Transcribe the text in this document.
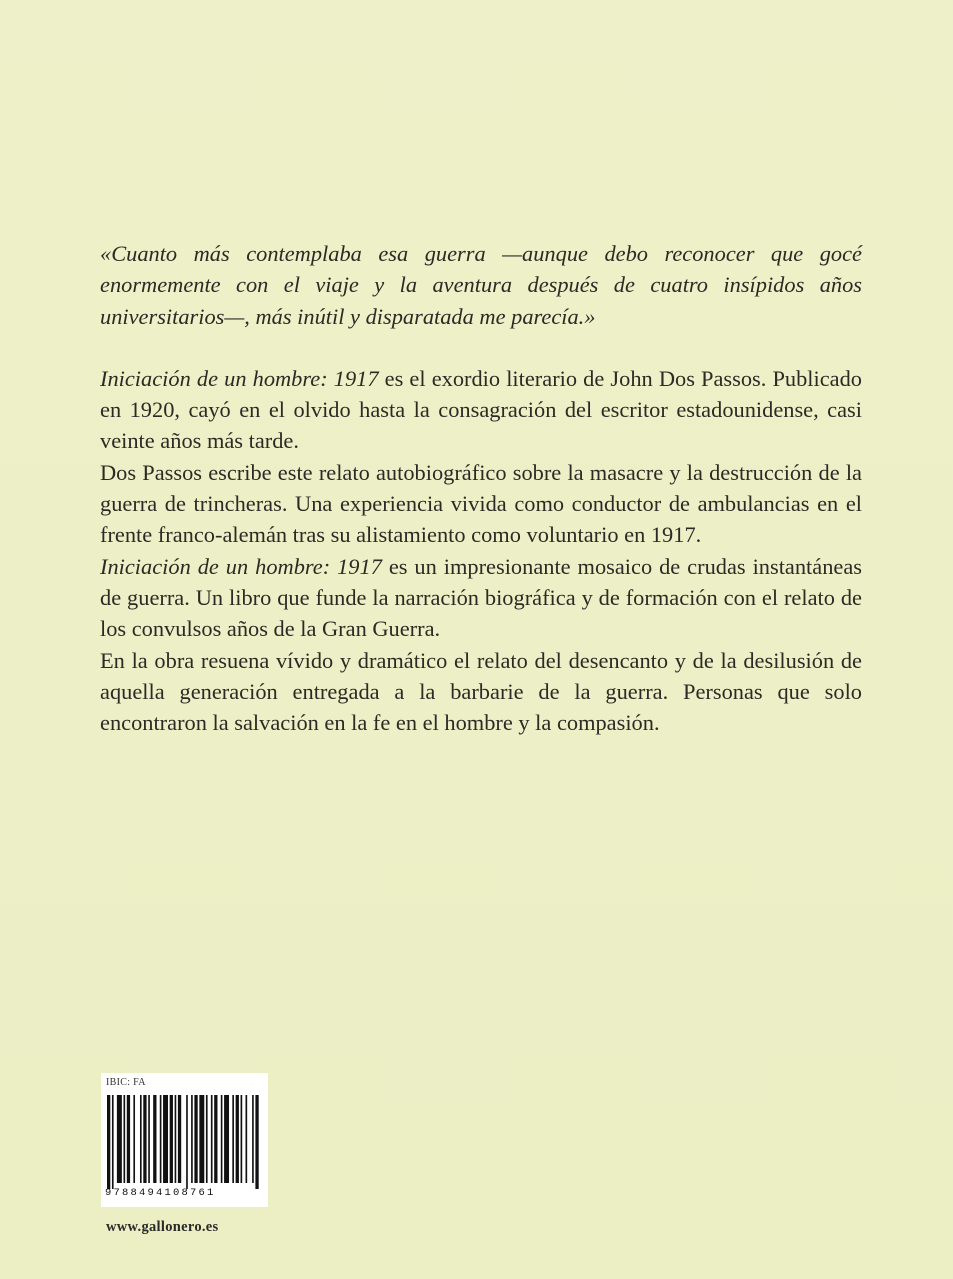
«Cuanto más contemplaba esa guerra —aunque debo reconocer que gocé enormemente con el viaje y la aventura después de cuatro insípidos años universitarios—, más inútil y disparatada me parecía.»

Iniciación de un hombre: 1917 es el exordio literario de John Dos Passos. Publicado en 1920, cayó en el olvido hasta la consagración del escritor estadounidense, casi veinte años más tarde.

Dos Passos escribe este relato autobiográfico sobre la masacre y la destrucción de la guerra de trincheras. Una experiencia vivida como conductor de ambulancias en el frente franco-alemán tras su alistamiento como voluntario en 1917.

Iniciación de un hombre: 1917 es un impresionante mosaico de crudas instantáneas de guerra. Un libro que funde la narración biográfica y de formación con el relato de los convulsos años de la Gran Guerra.

En la obra resuena vívido y dramático el relato del desencanto y de la desilusión de aquella generación entregada a la barbarie de la guerra. Personas que solo encontraron la salvación en la fe en el hombre y la compasión.

IBIC: FA
9788494108761
www.gallonero.es
